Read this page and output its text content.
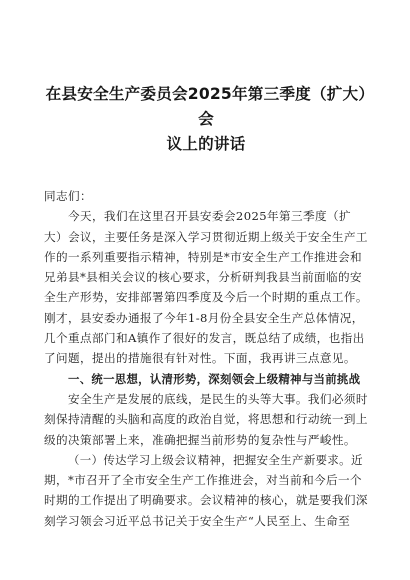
在县安全生产委员会2025年第三季度（扩大）会
议上的讲话
同志们：
今天，我们在这里召开县安委会2025年第三季度（扩
大）会议，主要任务是深入学习贯彻近期上级关于安全生产工
作的一系列重要指示精神，特别是*市安全生产工作推进会和
兄弟县*县相关会议的核心要求，分析研判我县当前面临的安
全生产形势，安排部署第四季度及今后一个时期的重点工作。
刚才，县安委办通报了今年1-8月份全县安全生产总体情况，
几个重点部门和A镇作了很好的发言，既总结了成绩，也指出
了问题，提出的措施很有针对性。下面，我再讲三点意见。
一、统一思想，认清形势，深刻领会上级精神与当前挑战
安全生产是发展的底线，是民生的头等大事。我们必须时
刻保持清醒的头脑和高度的政治自觉，将思想和行动统一到上
级的决策部署上来，准确把握当前形势的复杂性与严峻性。
（一）传达学习上级会议精神，把握安全生产新要求。近
期，*市召开了全市安全生产工作推进会，对当前和今后一个
时期的工作提出了明确要求。会议精神的核心，就是要我们深
刻学习领会习近平总书记关于安全生产“人民至上、生命至
